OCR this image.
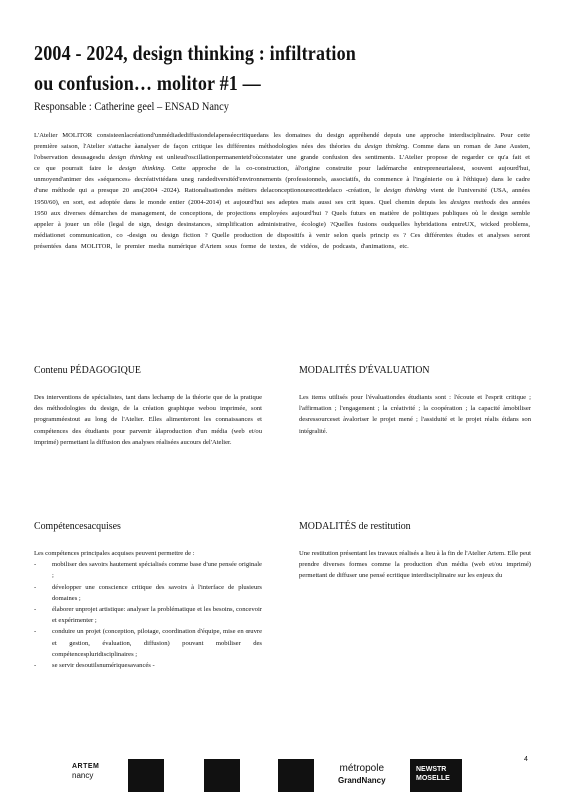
2004 - 2024, design thinking : infiltration
ou confusion… molitor #1 —
Responsable : Catherine geel – ENSAD Nancy

L'Atelier MOLITOR consisteenlacréationd'unmédiadediffusiondelapenséecritiquedans les domaines du design appréhendé depuis une approche interdisciplinaire. Pour cette première saison, l'Atelier s'attache àanalyser de façon critique les différentes méthodologies nées des théories du design thinking. Comme dans un roman de Jane Austen, l'observation desusagesdu design thinking est unlieud'oscillationpermanentetd'oùconstater une grande confusion des sentiments. L'Atelier propose de regarder ce qu'a fait et ce que pourrait faire le design thinking. Cette approche de la co-construction, àl'origine construite pour ladémarche entrepreneurialeest, souvent aujourd'hui, unmoyend'animer des «séquences» decréativitédans uneg randediversitéd'environnements (professionnels, associatifs, du commence à l'ingénierie ou à l'éthique) dans le cadre d'une méthode qui a presque 20 ans(2004 -2024). Rationalisationdes métiers delaconceptionourecettedelaco -création, le design thinking vient de l'université (USA, années 1950/60), en sort, est adoptée dans le monde entier (2004-2014) et aujourd'hui ses adeptes mais aussi ses crit iques. Quel chemin depuis les designs methods des années 1950 aux diverses démarches de management, de conceptions, de projections employées aujourd'hui ? Quels futurs en matière de politiques publiques où le design semble appeler à jouer un rôle (legal de sign, design desinstances, simplification administrative, écologie) ?Quelles fusions oudquelles hybridations entreUX, wicked problems, médiationet communication, co -design ou design fiction ? Quelle production de dispositifs à venir selon quels princip es ? Ces différentes études et analyses seront présentées dans MOLITOR, le premier media numérique d'Artem sous forme de textes, de vidéos, de podcasts, d'animations, etc.

Contenu PÉDAGOGIQUE

Des interventions de spécialistes, tant dans lechamp de la théorie que de la pratique des méthodologies du design, de la création graphique webou imprimée, sont programméestout au long de l'Atelier. Elles alimenteront les connaissances et compétences des étudiants pour parvenir àlaproduction d'un média (web et/ou imprimé) permettant la diffusion des analyses réalisées aucours del'Atelier.

MODALITÉS D'ÉVALUATION

Les items utilisés pour l'évaluationdes étudiants sont : l'écoute et l'esprit critique ; l'affirmation ; l'engagement ; la créativité ; la coopération ; la capacité àmobiliser desressourceset àvaloriser le projet mené ; l'assiduité et le projet réalis éidans son intégralité.

Compétencesacquises
Les compétences principales acquises peuvent permettre de :
- mobiliser des savoirs hautement spécialisés comme base d'une pensée originale ;
- développer une conscience critique des savoirs à l'interface de plusieurs domaines ;
- élaborer unprojet artistique: analyser la problématique et les besoins, concevoir et expérimenter ;
- conduire un projet (conception, pilotage, coordination d'équipe, mise en œuvre et gestion, évaluation, diffusion) pouvant mobiliser des compétencespluridisciplinaires ;
- se servir desoutilsnumériquesavancés -
MODALITÉS de restitution

Une restitution présentant les travaux réalisés a lieu à la fin de l'Atelier Artem. Elle peut prendre diverses formes comme la production d'un média (web et/ou imprimé) permettant de diffuser une pensé ecritique interdisciplinaire sur les enjeux du

ARTEM
nancy
métropole
GrandNancy
NEWSTR
MOSELLE
4
